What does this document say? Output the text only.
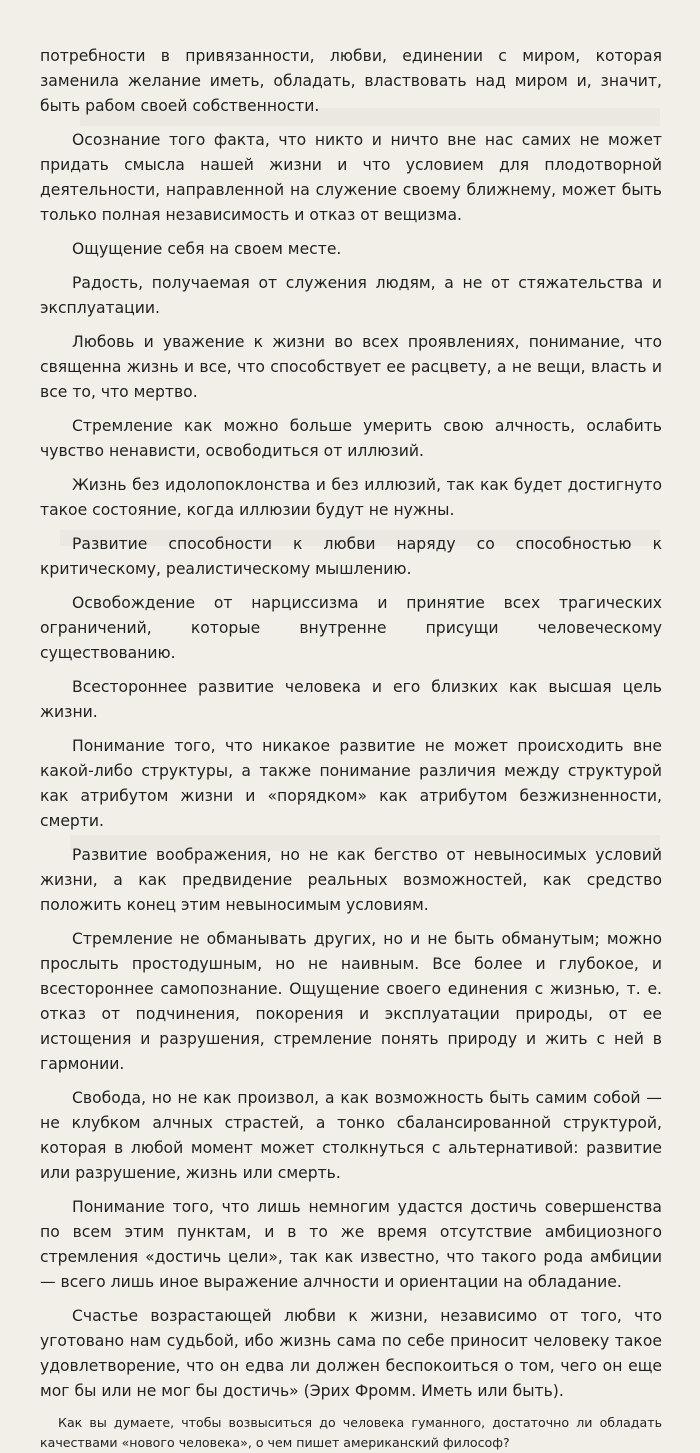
потребности в привязанности, любви, единении с миром, которая заменила желание иметь, обладать, властвовать над миром и, значит, быть рабом своей собственности.

Осознание того факта, что никто и ничто вне нас самих не может придать смысла нашей жизни и что условием для плодотворной деятельности, направленной на служение своему ближнему, может быть только полная независимость и отказ от вещизма.

Ощущение себя на своем месте.

Радость, получаемая от служения людям, а не от стяжательства и эксплуатации.

Любовь и уважение к жизни во всех проявлениях, понимание, что священна жизнь и все, что способствует ее расцвету, а не вещи, власть и все то, что мертво.

Стремление как можно больше умерить свою алчность, ослабить чувство ненависти, освободиться от иллюзий.

Жизнь без идолопоклонства и без иллюзий, так как будет достигнуто такое состояние, когда иллюзии будут не нужны.

Развитие способности к любви наряду со способностью к критическому, реалистическому мышлению.

Освобождение от нарциссизма и принятие всех трагических ограничений, которые внутренне присущи человеческому существованию.

Всестороннее развитие человека и его близких как высшая цель жизни.

Понимание того, что никакое развитие не может происходить вне какой-либо структуры, а также понимание различия между структурой как атрибутом жизни и «порядком» как атрибутом безжизненности, смерти.

Развитие воображения, но не как бегство от невыносимых условий жизни, а как предвидение реальных возможностей, как средство положить конец этим невыносимым условиям.

Стремление не обманывать других, но и не быть обманутым; можно прослыть простодушным, но не наивным. Все более и глубокое, и всестороннее самопознание. Ощущение своего единения с жизнью, т. е. отказ от подчинения, покорения и эксплуатации природы, от ее истощения и разрушения, стремление понять природу и жить с ней в гармонии.

Свобода, но не как произвол, а как возможность быть самим собой — не клубком алчных страстей, а тонко сбалансированной структурой, которая в любой момент может столкнуться с альтернативой: развитие или разрушение, жизнь или смерть.

Понимание того, что лишь немногим удастся достичь совершенства по всем этим пунктам, и в то же время отсутствие амбициозного стремления «достичь цели», так как известно, что такого рода амбиции — всего лишь иное выражение алчности и ориентации на обладание.

Счастье возрастающей любви к жизни, независимо от того, что уготовано нам судьбой, ибо жизнь сама по себе приносит человеку такое удовлетворение, что он едва ли должен беспокоиться о том, чего он еще мог бы или не мог бы достичь» (Эрих Фромм. Иметь или быть).

Как вы думаете, чтобы возвыситься до человека гуманного, достаточно ли обладать качествами «нового человека», о чем пишет американский философ?
